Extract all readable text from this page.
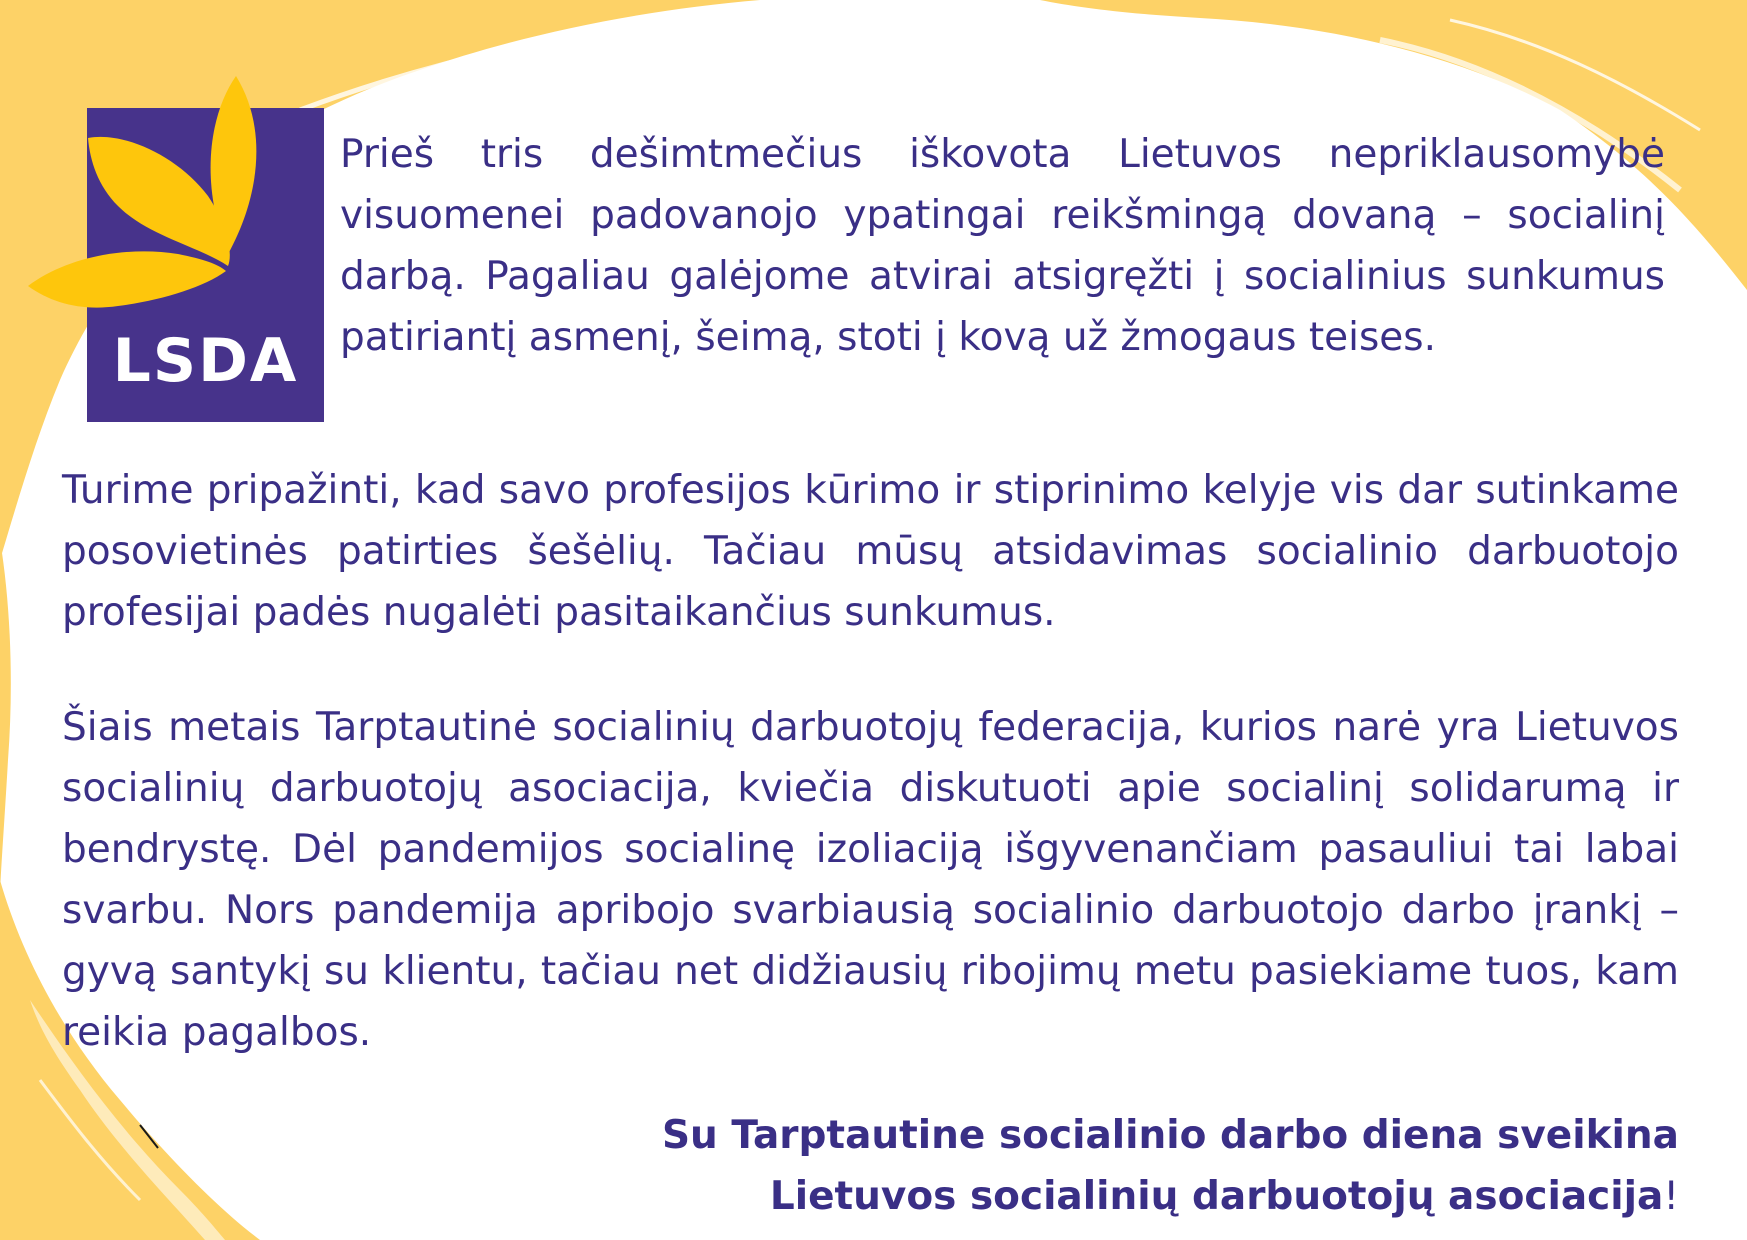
LSDA

Prieš tris dešimtmečius iškovota Lietuvos nepriklausomybė visuomenei padovanojo ypatingai reikšmingą dovaną – socialinį darbą. Pagaliau galėjome atvirai atsigręžti į socialinius sunkumus patiriantį asmenį, šeimą, stoti į kovą už žmogaus teises.

Turime pripažinti, kad savo profesijos kūrimo ir stiprinimo kelyje vis dar sutinkame posovietinės patirties šešėlių. Tačiau mūsų atsidavimas socialinio darbuotojo profesijai padės nugalėti pasitaikančius sunkumus.

Šiais metais Tarptautinė socialinių darbuotojų federacija, kurios narė yra Lietuvos socialinių darbuotojų asociacija, kviečia diskutuoti apie socialinį solidarumą ir bendrystę. Dėl pandemijos socialinę izoliaciją išgyvenančiam pasauliui tai labai svarbu. Nors pandemija apribojo svarbiausią socialinio darbuotojo darbo įrankį – gyvą santykį su klientu, tačiau net didžiausių ribojimų metu pasiekiame tuos, kam reikia pagalbos.

Su Tarptautine socialinio darbo diena sveikina
Lietuvos socialinių darbuotojų asociacija!
